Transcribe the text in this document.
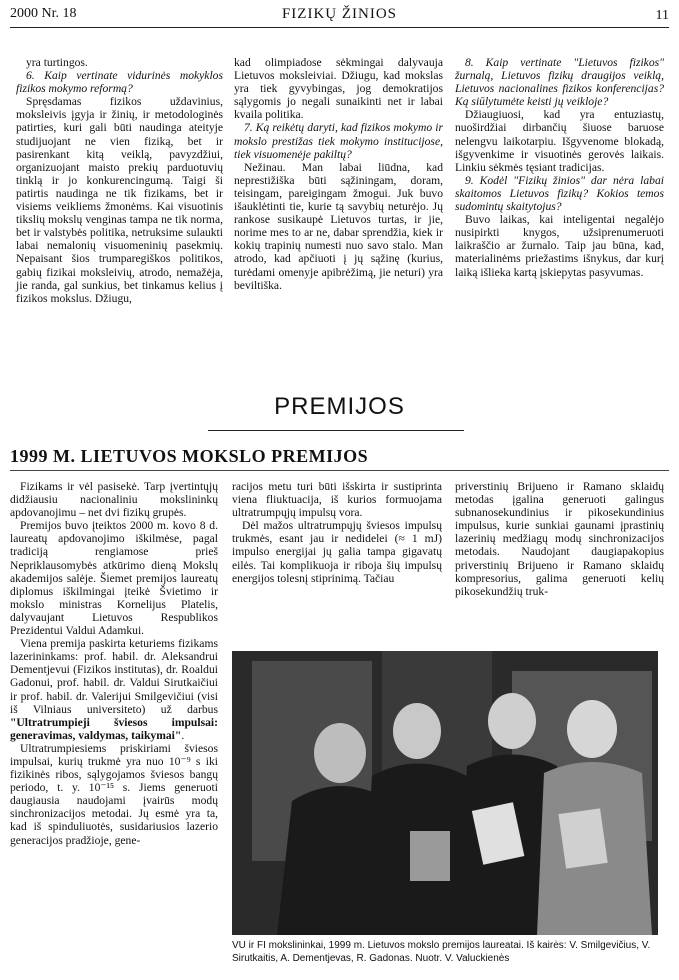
2000 Nr. 18	FIZIKŲ ŽINIOS	11

yra turtingos.

6. Kaip vertinate vidurinės mokyklos fizikos mokymo reformą?

Spręsdamas fizikos uždavinius, moksleivis įgyja ir žinių, ir metodologinės patirties, kuri gali būti naudinga ateityje studijuojant ne vien fiziką, bet ir pasirenkant kitą veiklą, pavyzdžiui, organizuojant maisto prekių parduotuvių tinklą ir jo konkurencingumą. Taigi ši patirtis naudinga ne tik fizikams, bet ir visiems veikliems žmonėms. Kai visuotinis tikslių mokslų venginas tampa ne tik norma, bet ir valstybės politika, netruksime sulaukti labai nemalonių visuomeninių pasekmių. Nepaisant šios trumparegiškos politikos, gabių fizikai moksleivių, atrodo, nemažėja, jie randa, gal sunkius, bet tinkamus kelius į fizikos mokslus. Džiugu,

kad olimpiadose sėkmingai dalyvauja Lietuvos moksleiviai. Džiugu, kad mokslas yra tiek gyvybingas, jog demokratijos sąlygomis jo negali sunaikinti net ir labai kvaila politika.

7. Ką reikėtų daryti, kad fizikos mokymo ir mokslo prestižas tiek mokymo institucijose, tiek visuomenėje pakiltų?

Nežinau. Man labai liūdna, kad neprestižiška būti sąžiningam, doram, teisingam, pareigingam žmogui. Juk buvo išauklėtinti tie, kurie tą savybių neturėjo. Jų rankose susikaupė Lietuvos turtas, ir jie, norime mes to ar ne, dabar sprendžia, kiek ir kokių trapinių numesti nuo savo stalo. Man atrodo, kad apčiuoti į jų sąžinę (kurius, turėdami omenyje apibrėžimą, jie neturi) yra beviltiška.

8. Kaip vertinate "Lietuvos fizikos" žurnalą, Lietuvos fizikų draugijos veiklą, Lietuvos nacionalines fizikos konferencijas? Ką siūlytumėte keisti jų veikloje?

Džiaugiuosi, kad yra entuziastų, nuoširdžiai dirbančių šiuose baruose nelengvu laikotarpiu. Išgyvenome blokadą, išgyvenkime ir visuotinės gerovės laikais. Linkiu sėkmės tęsiant tradicijas.

9. Kodėl "Fizikų žinios" dar nėra labai skaitomos Lietuvos fizikų? Kokios temos sudomintų skaitytojus?

Buvo laikas, kai inteligentai negalėjo nusipirkti knygos, užsiprenumeruoti laikraščio ar žurnalo. Taip jau būna, kad, materialinėms priežastims išnykus, dar kurį laiką išlieka kartą įskiepytas pasyvumas.

PREMIJOS
1999 M. LIETUVOS MOKSLO PREMIJOS

Fizikams ir vėl pasisekė. Tarp įvertintųjų didžiausiu nacionaliniu mokslininkų apdovanojimu – net dvi fizikų grupės.

Premijos buvo įteiktos 2000 m. kovo 8 d. laureatų apdovanojimo iškilmėse, pagal tradiciją rengiamose prieš Nepriklausomybės atkūrimo dieną Mokslų akademijos salėje. Šiemet premijos laureatų diplomus iškilmingai įteikė Švietimo ir mokslo ministras Kornelijus Platelis, dalyvaujant Lietuvos Respublikos Prezidentui Valdui Adamkui.

Viena premija paskirta keturiems fizikams lazerininkams: prof. habil. dr. Aleksandrui Dementjevui (Fizikos institutas), dr. Roaldui Gadonui, prof. habil. dr. Valdui Sirutkaičiui ir prof. habil. dr. Valerijui Smilgevičiui (visi iš Vilniaus universiteto) už darbus "Ultratrumpieji šviesos impulsai: generavimas, valdymas, taikymai".

Ultratrumpiesiems priskiriami šviesos impulsai, kurių trukmė yra nuo 10⁻⁹ s iki fizikinės ribos, sąlygojamos šviesos bangų periodo, t. y. 10⁻¹⁵ s. Jiems generuoti daugiausia naudojami įvairūs modų sinchronizacijos metodai. Jų esmė yra ta, kad iš spinduliuotės, susidariusios lazerio generacijos pradžioje, gene-

racijos metu turi būti išskirta ir sustiprinta viena fliuktuacija, iš kurios formuojama ultratrumpųjų impulsų vora.

Dėl mažos ultratrumpųjų šviesos impulsų trukmės, esant jau ir nedidelei (≈ 1 mJ) impulso energijai jų galia tampa gigavatų eilės. Tai komplikuoja ir riboja šių impulsų energijos tolesnį stiprinimą. Tačiau

priverstinių Brijueno ir Ramano sklaidų metodas įgalina generuoti galingus subnanosekundinius ir pikosekundinius impulsus, kurie sunkiai gaunami įprastinių lazerinių medžiagų modų sinchronizacijos metodais. Naudojant daugiapakopius priverstinių Brijueno ir Ramano sklaidų kompresorius, galima generuoti kelių pikosekundžių truk-

VU ir FI mokslininkai, 1999 m. Lietuvos mokslo premijos laureatai. Iš kairės: V. Smilgevičius, V. Sirutkaitis, A. Dementjevas, R. Gadonas. Nuotr. V. Valuckienės
